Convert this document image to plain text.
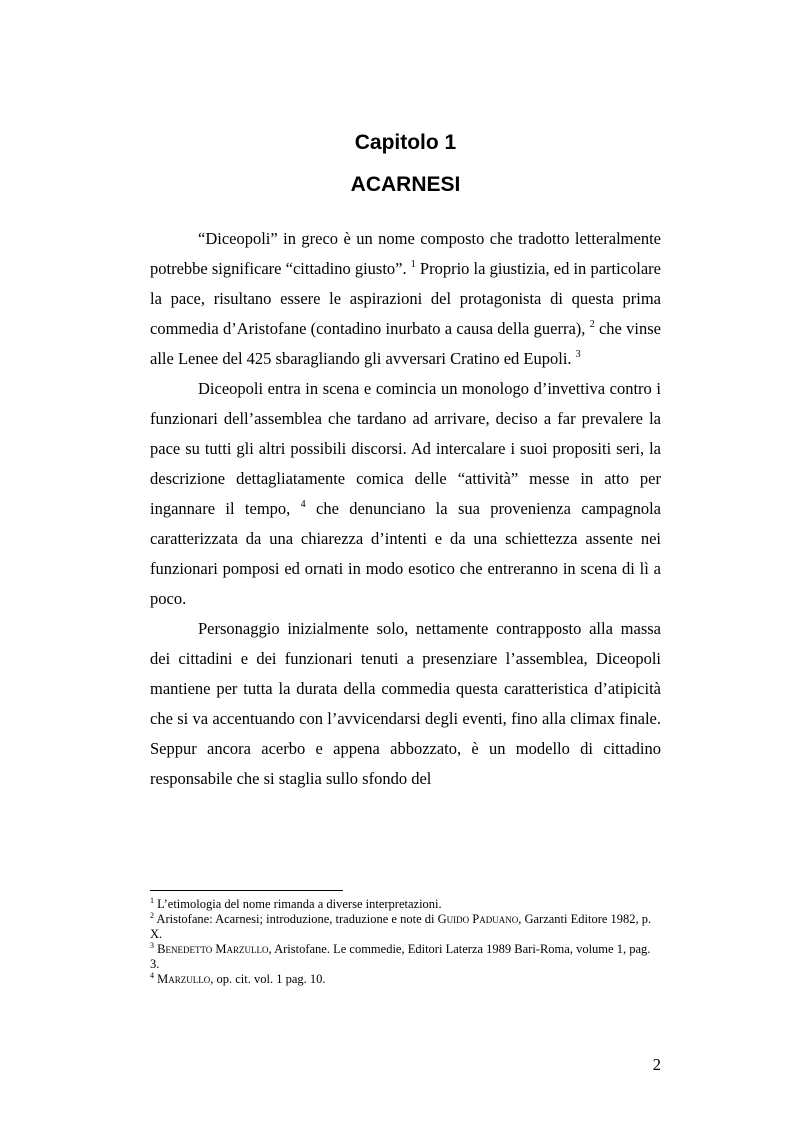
Capitolo 1
ACARNESI

“Diceopoli” in greco è un nome composto che tradotto letteralmente potrebbe significare “cittadino giusto”. $^1$ Proprio la giustizia, ed in particolare la pace, risultano essere le aspirazioni del protagonista di questa prima commedia d’Aristofane (contadino inurbato a causa della guerra), $^2$ che vinse alle Lenee del 425 sbaragliando gli avversari Cratino ed Eupoli. $^3$

Diceopoli entra in scena e comincia un monologo d’invettiva contro i funzionari dell’assemblea che tardano ad arrivare, deciso a far prevalere la pace su tutti gli altri possibili discorsi. Ad intercalare i suoi propositi seri, la descrizione dettagliatamente comica delle “attività” messe in atto per ingannare il tempo, $^4$ che denunciano la sua provenienza campagnola caratterizzata da una chiarezza d’intenti e da una schiettezza assente nei funzionari pomposi ed ornati in modo esotico che entreranno in scena di lì a poco.

Personaggio inizialmente solo, nettamente contrapposto alla massa dei cittadini e dei funzionari tenuti a presenziare l’assemblea, Diceopoli mantiene per tutta la durata della commedia questa caratteristica d’atipicità che si va accentuando con l’avvicendarsi degli eventi, fino alla climax finale. Seppur ancora acerbo e appena abbozzato, è un modello di cittadino responsabile che si staglia sullo sfondo del

$^1$ L’etimologia del nome rimanda a diverse interpretazioni.
$^2$ Aristofane: Acarnesi; introduzione, traduzione e note di Guido Paduano, Garzanti Editore 1982, p. X.
$^3$ Benedetto Marzullo, Aristofane. Le commedie, Editori Laterza 1989 Bari-Roma, volume 1, pag. 3.
$^4$ Marzullo, op. cit. vol. 1 pag. 10.
2
